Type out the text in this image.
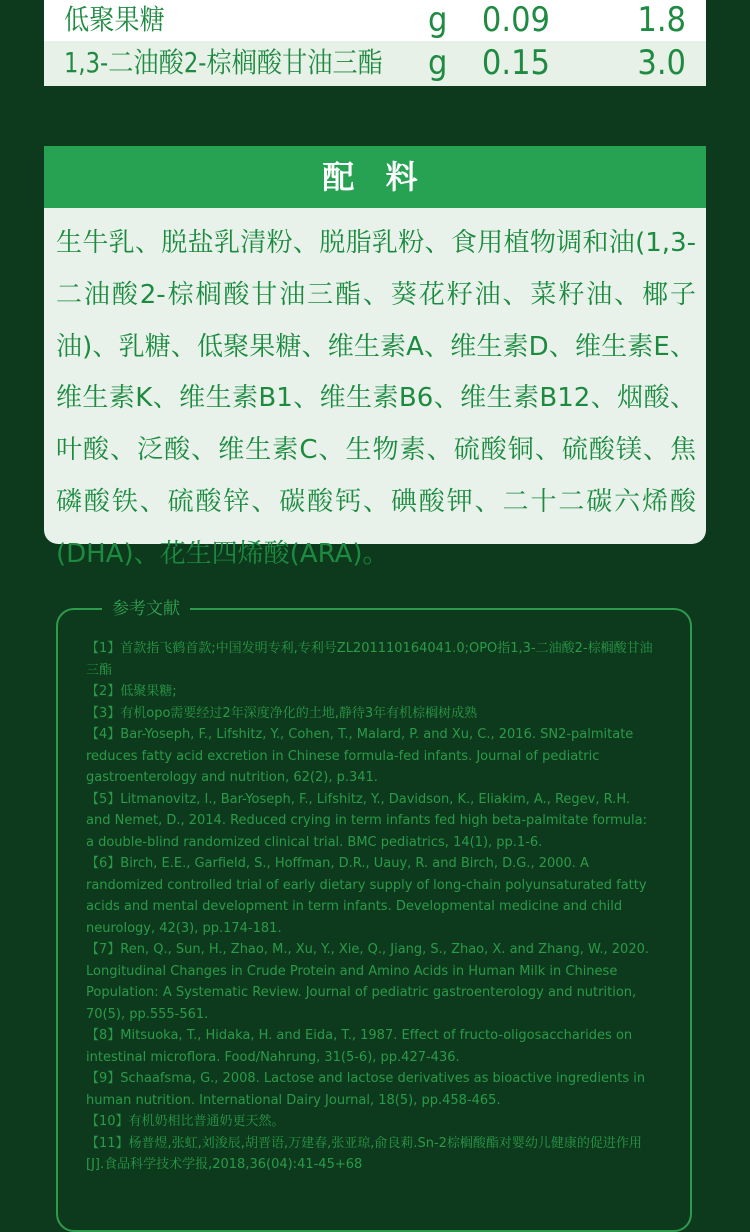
低聚果糖	g 0.09	1.8
1,3-二油酸2-棕榈酸甘油三酯 g 0.15	3.0
配 料
生牛乳、脱盐乳清粉、脱脂乳粉、食用植物调和油(1,3-二油酸2-棕榈酸甘油三酯、葵花籽油、菜籽油、椰子油)、乳糖、低聚果糖、维生素A、维生素D、维生素E、维生素K、维生素B1、维生素B6、维生素B12、烟酸、叶酸、泛酸、维生素C、生物素、硫酸铜、硫酸镁、焦磷酸铁、硫酸锌、碳酸钙、碘酸钾、二十二碳六烯酸(DHA)、花生四烯酸(ARA)。
参考文献

【1】首款指飞鹤首款;中国发明专利,专利号ZL201110164041.0;OPO指1,3-二油酸2-棕榈酸甘油三酯

【2】低聚果糖;

【3】有机opo需要经过2年深度净化的土地,静待3年有机棕榈树成熟

【4】Bar-Yoseph, F., Lifshitz, Y., Cohen, T., Malard, P. and Xu, C., 2016. SN2-palmitate reduces fatty acid excretion in Chinese formula-fed infants. Journal of pediatric gastroenterology and nutrition, 62(2), p.341.

【5】Litmanovitz, I., Bar-Yoseph, F., Lifshitz, Y., Davidson, K., Eliakim, A., Regev, R.H. and Nemet, D., 2014. Reduced crying in term infants fed high beta-palmitate formula: a double-blind randomized clinical trial. BMC pediatrics, 14(1), pp.1-6.

【6】Birch, E.E., Garfield, S., Hoffman, D.R., Uauy, R. and Birch, D.G., 2000. A randomized controlled trial of early dietary supply of long-chain polyunsaturated fatty acids and mental development in term infants. Developmental medicine and child neurology, 42(3), pp.174-181.

【7】Ren, Q., Sun, H., Zhao, M., Xu, Y., Xie, Q., Jiang, S., Zhao, X. and Zhang, W., 2020. Longitudinal Changes in Crude Protein and Amino Acids in Human Milk in Chinese Population: A Systematic Review. Journal of pediatric gastroenterology and nutrition, 70(5), pp.555-561.

【8】Mitsuoka, T., Hidaka, H. and Eida, T., 1987. Effect of fructo-oligosaccharides on intestinal microflora. Food/Nahrung, 31(5-6), pp.427-436.

【9】Schaafsma, G., 2008. Lactose and lactose derivatives as bioactive ingredients in human nutrition. International Dairy Journal, 18(5), pp.458-465.

【10】有机奶相比普通奶更天然。

【11】杨普煜,张虹,刘浚辰,胡晋语,万建春,张亚琼,俞良莉.Sn-2棕榈酸酯对婴幼儿健康的促进作用[J].食品科学技术学报,2018,36(04):41-45+68
